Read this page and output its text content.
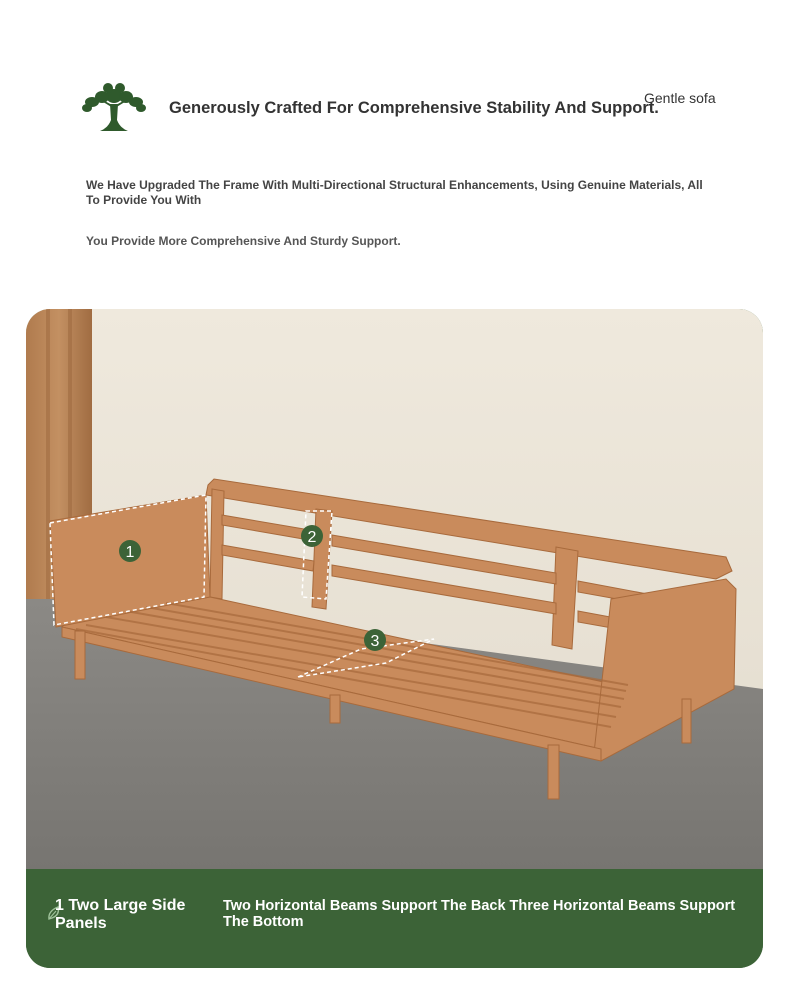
Generously Crafted For Comprehensive Stability And Support.
Gentle sofa
We Have Upgraded The Frame With Multi-Directional Structural Enhancements, Using Genuine Materials, All To Provide You With
You Provide More Comprehensive And Sturdy Support.
1
2
3
1 Two Large Side Panels
Two Horizontal Beams Support The Back Three Horizontal Beams Support The Bottom
